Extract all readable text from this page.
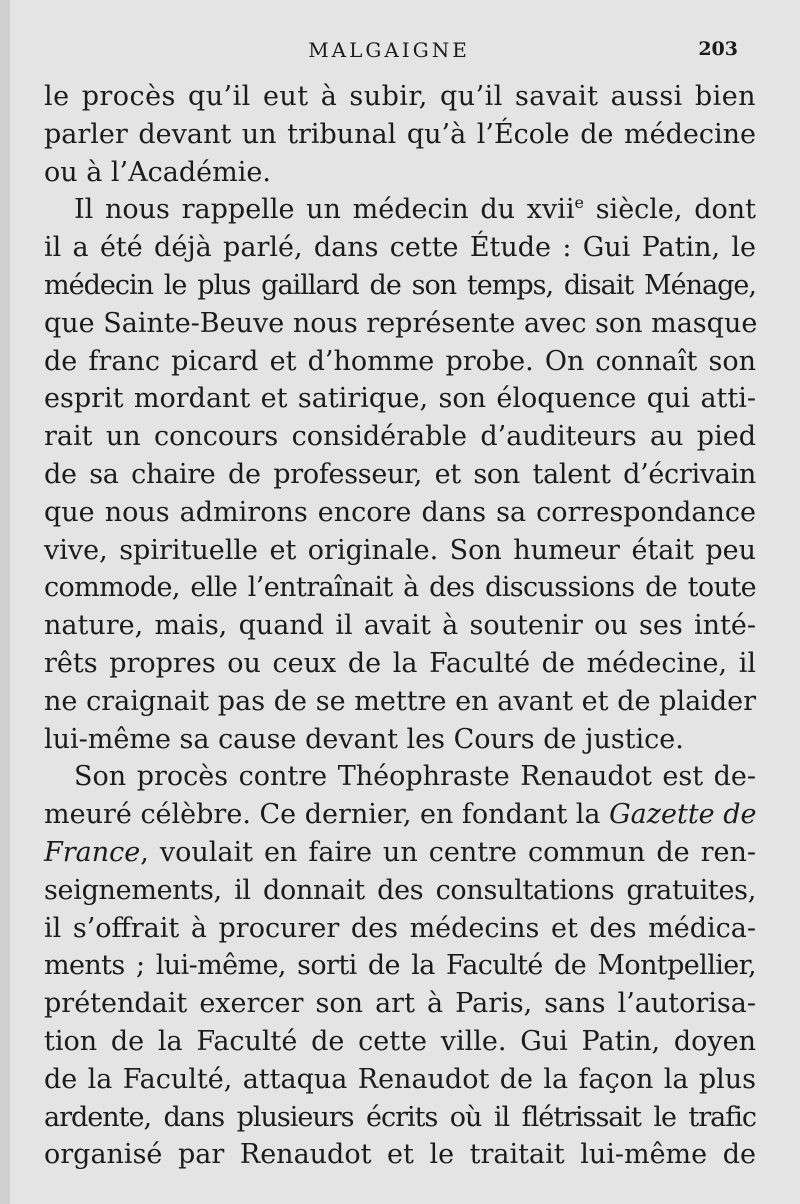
MALGAIGNE	203
le procès qu’il eut à subir, qu’il savait aussi bien
parler devant un tribunal qu’à l’École de médecine
ou à l’Académie.
Il nous rappelle un médecin du xvii$^e$ siècle, dont
il a été déjà parlé, dans cette Étude : Gui Patin, le
médecin le plus gaillard de son temps, disait Ménage,
que Sainte-Beuve nous représente avec son masque
de franc picard et d’homme probe. On connaît son
esprit mordant et satirique, son éloquence qui atti-
rait un concours considérable d’auditeurs au pied
de sa chaire de professeur, et son talent d’écrivain
que nous admirons encore dans sa correspondance
vive, spirituelle et originale. Son humeur était peu
commode, elle l’entraînait à des discussions de toute
nature, mais, quand il avait à soutenir ou ses inté-
rêts propres ou ceux de la Faculté de médecine, il
ne craignait pas de se mettre en avant et de plaider
lui-même sa cause devant les Cours de justice.
Son procès contre Théophraste Renaudot est de-
meuré célèbre. Ce dernier, en fondant la Gazette de
France, voulait en faire un centre commun de ren-
seignements, il donnait des consultations gratuites,
il s’offrait à procurer des médecins et des médica-
ments ; lui-même, sorti de la Faculté de Montpellier,
prétendait exercer son art à Paris, sans l’autorisa-
tion de la Faculté de cette ville. Gui Patin, doyen
de la Faculté, attaqua Renaudot de la façon la plus
ardente, dans plusieurs écrits où il flétrissait le trafic
organisé par Renaudot et le traitait lui-même de
